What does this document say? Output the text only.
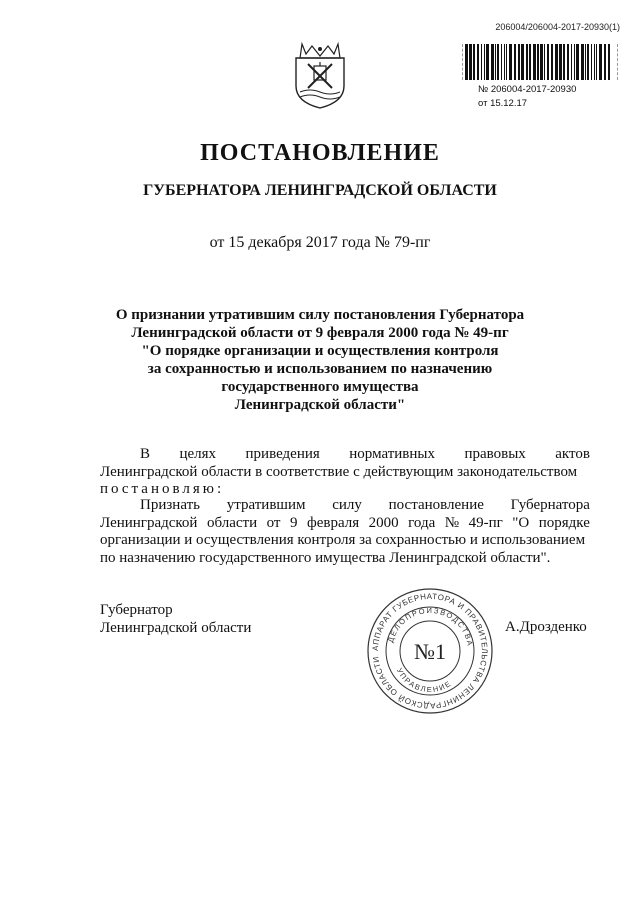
206004/206004-2017-20930(1)
№ 206004-2017-20930
от 15.12.17
ПОСТАНОВЛЕНИЕ
ГУБЕРНАТОРА ЛЕНИНГРАДСКОЙ ОБЛАСТИ
от 15 декабря 2017 года № 79-пг
О признании утратившим силу постановления Губернатора
Ленинградской области от 9 февраля 2000 года № 49-пг
"О порядке организации и осуществления контроля
за сохранностью и использованием по назначению
государственного имущества
Ленинградской области"
В целях приведения нормативных правовых актов
Ленинградской области в соответствие с действующим законодательством
постановляю:
Признать утратившим силу постановление Губернатора
Ленинградской области от 9 февраля 2000 года № 49-пг "О порядке
организации и осуществления контроля за сохранностью и использованием
по назначению государственного имущества Ленинградской области".
Губернатор
Ленинградской области	А.Дрозденко
АППАРАТ ГУБЕРНАТОРА И ПРАВИТЕЛЬСТВА ЛЕНИНГРАДСКОЙ ОБЛАСТИ
ДЕЛОПРОИЗВОДСТВА
УПРАВЛЕНИЕ
№1
